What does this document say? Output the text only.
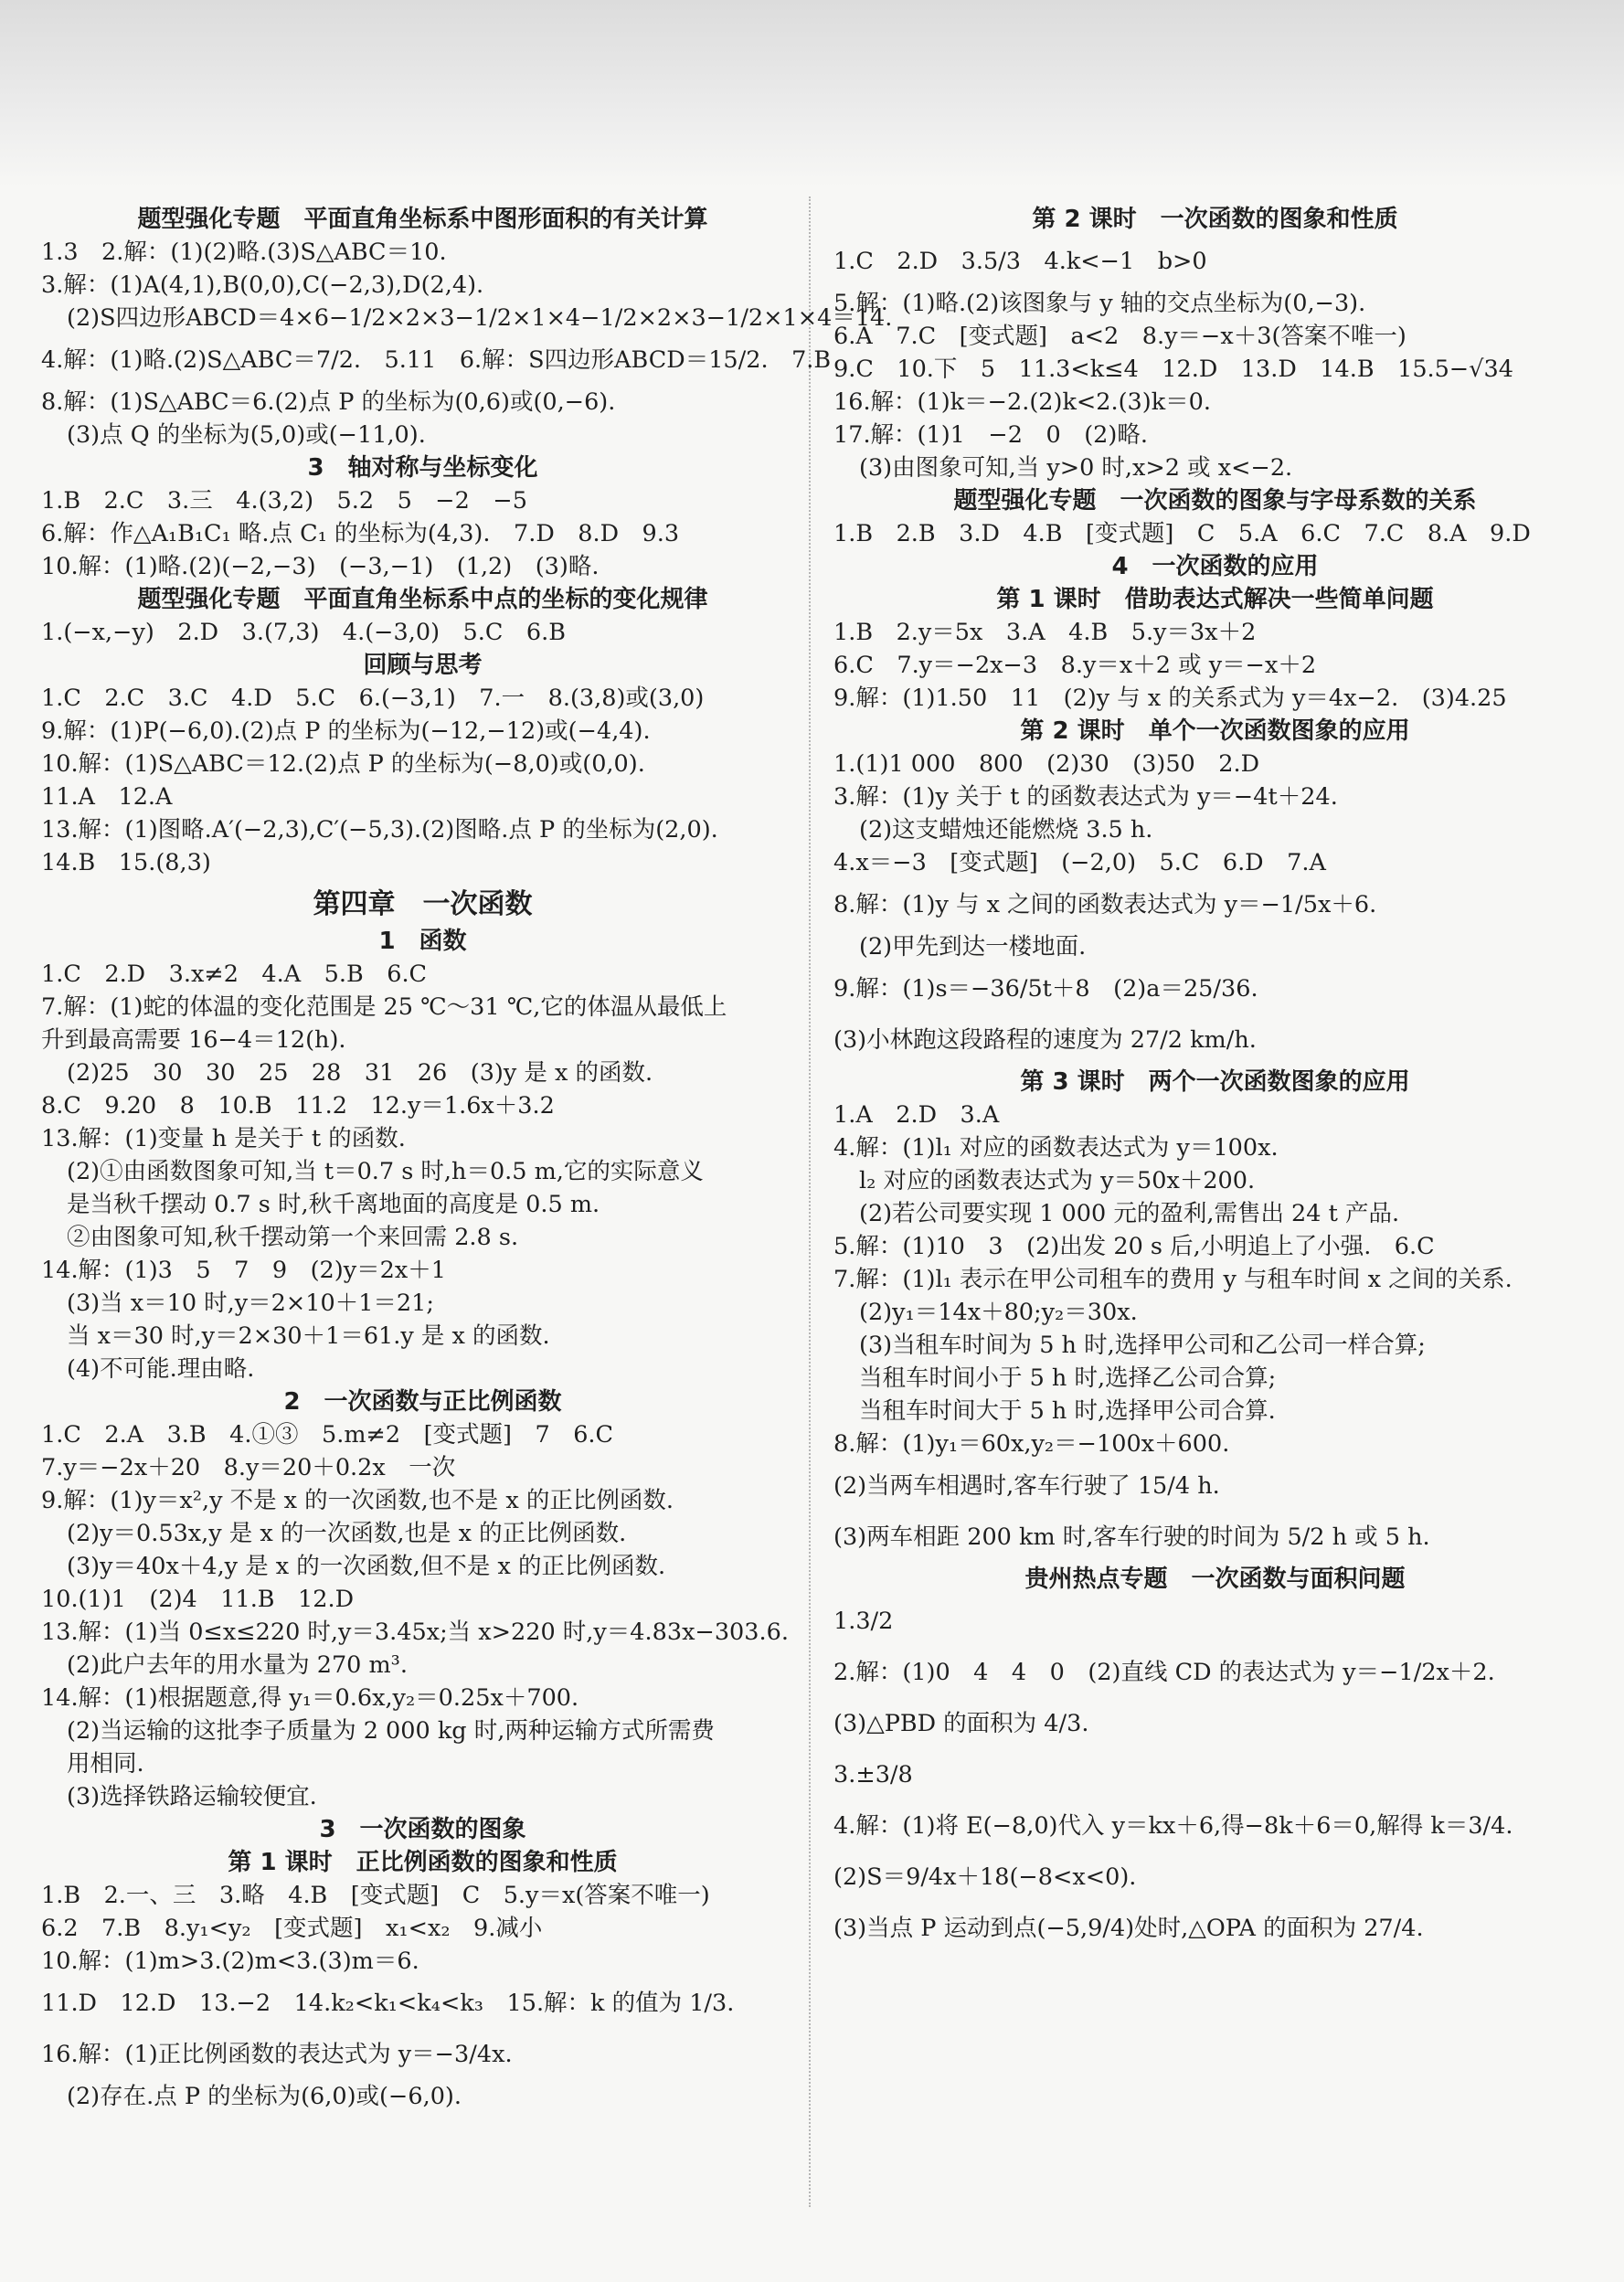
题型强化专题　平面直角坐标系中图形面积的有关计算
1.3　2.解：(1)(2)略.(3)S△ABC＝10.
3.解：(1)A(4,1),B(0,0),C(−2,3),D(2,4).
(2)S四边形ABCD＝4×6−1/2×2×3−1/2×1×4−1/2×2×3−1/2×1×4＝14.
4.解：(1)略.(2)S△ABC＝7/2.　5.11　6.解：S四边形ABCD＝15/2.　7.B
8.解：(1)S△ABC＝6.(2)点 P 的坐标为(0,6)或(0,−6).
(3)点 Q 的坐标为(5,0)或(−11,0).
3　轴对称与坐标变化
1.B　2.C　3.三　4.(3,2)　5.2　5　−2　−5
6.解：作△A₁B₁C₁ 略.点 C₁ 的坐标为(4,3).　7.D　8.D　9.3
10.解：(1)略.(2)(−2,−3)　(−3,−1)　(1,2)　(3)略.
题型强化专题　平面直角坐标系中点的坐标的变化规律
1.(−x,−y)　2.D　3.(7,3)　4.(−3,0)　5.C　6.B
回顾与思考
1.C　2.C　3.C　4.D　5.C　6.(−3,1)　7.一　8.(3,8)或(3,0)
9.解：(1)P(−6,0).(2)点 P 的坐标为(−12,−12)或(−4,4).
10.解：(1)S△ABC＝12.(2)点 P 的坐标为(−8,0)或(0,0).
11.A　12.A
13.解：(1)图略.A′(−2,3),C′(−5,3).(2)图略.点 P 的坐标为(2,0).
14.B　15.(8,3)
第四章　一次函数
1　函数
1.C　2.D　3.x≠2　4.A　5.B　6.C
7.解：(1)蛇的体温的变化范围是 25 ℃～31 ℃,它的体温从最低上
升到最高需要 16−4＝12(h).
(2)25　30　30　25　28　31　26　(3)y 是 x 的函数.
8.C　9.20　8　10.B　11.2　12.y＝1.6x＋3.2
13.解：(1)变量 h 是关于 t 的函数.
(2)①由函数图象可知,当 t＝0.7 s 时,h＝0.5 m,它的实际意义
是当秋千摆动 0.7 s 时,秋千离地面的高度是 0.5 m.
②由图象可知,秋千摆动第一个来回需 2.8 s.
14.解：(1)3　5　7　9　(2)y＝2x＋1
(3)当 x＝10 时,y＝2×10＋1＝21;
当 x＝30 时,y＝2×30＋1＝61.y 是 x 的函数.
(4)不可能.理由略.
2　一次函数与正比例函数
1.C　2.A　3.B　4.①③　5.m≠2　[变式题]　7　6.C
7.y＝−2x＋20　8.y＝20＋0.2x　一次
9.解：(1)y＝x²,y 不是 x 的一次函数,也不是 x 的正比例函数.
(2)y＝0.53x,y 是 x 的一次函数,也是 x 的正比例函数.
(3)y＝40x＋4,y 是 x 的一次函数,但不是 x 的正比例函数.
10.(1)1　(2)4　11.B　12.D
13.解：(1)当 0≤x≤220 时,y＝3.45x;当 x>220 时,y＝4.83x−303.6.
(2)此户去年的用水量为 270 m³.
14.解：(1)根据题意,得 y₁＝0.6x,y₂＝0.25x＋700.
(2)当运输的这批李子质量为 2 000 kg 时,两种运输方式所需费
用相同.
(3)选择铁路运输较便宜.
3　一次函数的图象
第 1 课时　正比例函数的图象和性质
1.B　2.一、三　3.略　4.B　[变式题]　C　5.y＝x(答案不唯一)
6.2　7.B　8.y₁<y₂　[变式题]　x₁<x₂　9.减小
10.解：(1)m>3.(2)m<3.(3)m＝6.
11.D　12.D　13.−2　14.k₂<k₁<k₄<k₃　15.解：k 的值为 1/3.
16.解：(1)正比例函数的表达式为 y＝−3/4x.
(2)存在.点 P 的坐标为(6,0)或(−6,0).
第 2 课时　一次函数的图象和性质
1.C　2.D　3.5/3　4.k<−1　b>0
5.解：(1)略.(2)该图象与 y 轴的交点坐标为(0,−3).
6.A　7.C　[变式题]　a<2　8.y＝−x＋3(答案不唯一)
9.C　10.下　5　11.3<k≤4　12.D　13.D　14.B　15.5−√34
16.解：(1)k＝−2.(2)k<2.(3)k＝0.
17.解：(1)1　−2　0　(2)略.
(3)由图象可知,当 y>0 时,x>2 或 x<−2.
题型强化专题　一次函数的图象与字母系数的关系
1.B　2.B　3.D　4.B　[变式题]　C　5.A　6.C　7.C　8.A　9.D
4　一次函数的应用
第 1 课时　借助表达式解决一些简单问题
1.B　2.y＝5x　3.A　4.B　5.y＝3x＋2
6.C　7.y＝−2x−3　8.y＝x＋2 或 y＝−x＋2
9.解：(1)1.50　11　(2)y 与 x 的关系式为 y＝4x−2.　(3)4.25
第 2 课时　单个一次函数图象的应用
1.(1)1 000　800　(2)30　(3)50　2.D
3.解：(1)y 关于 t 的函数表达式为 y＝−4t＋24.
(2)这支蜡烛还能燃烧 3.5 h.
4.x＝−3　[变式题]　(−2,0)　5.C　6.D　7.A
8.解：(1)y 与 x 之间的函数表达式为 y＝−1/5x＋6.
(2)甲先到达一楼地面.
9.解：(1)s＝−36/5t＋8　(2)a＝25/36.
(3)小林跑这段路程的速度为 27/2 km/h.
第 3 课时　两个一次函数图象的应用
1.A　2.D　3.A
4.解：(1)l₁ 对应的函数表达式为 y＝100x.
l₂ 对应的函数表达式为 y＝50x＋200.
(2)若公司要实现 1 000 元的盈利,需售出 24 t 产品.
5.解：(1)10　3　(2)出发 20 s 后,小明追上了小强.　6.C
7.解：(1)l₁ 表示在甲公司租车的费用 y 与租车时间 x 之间的关系.
(2)y₁＝14x＋80;y₂＝30x.
(3)当租车时间为 5 h 时,选择甲公司和乙公司一样合算;
当租车时间小于 5 h 时,选择乙公司合算;
当租车时间大于 5 h 时,选择甲公司合算.
8.解：(1)y₁＝60x,y₂＝−100x＋600.
(2)当两车相遇时,客车行驶了 15/4 h.
(3)两车相距 200 km 时,客车行驶的时间为 5/2 h 或 5 h.
贵州热点专题　一次函数与面积问题
1.3/2
2.解：(1)0　4　4　0　(2)直线 CD 的表达式为 y＝−1/2x＋2.
(3)△PBD 的面积为 4/3.
3.±3/8
4.解：(1)将 E(−8,0)代入 y＝kx＋6,得−8k＋6＝0,解得 k＝3/4.
(2)S＝9/4x＋18(−8<x<0).
(3)当点 P 运动到点(−5,9/4)处时,△OPA 的面积为 27/4.
